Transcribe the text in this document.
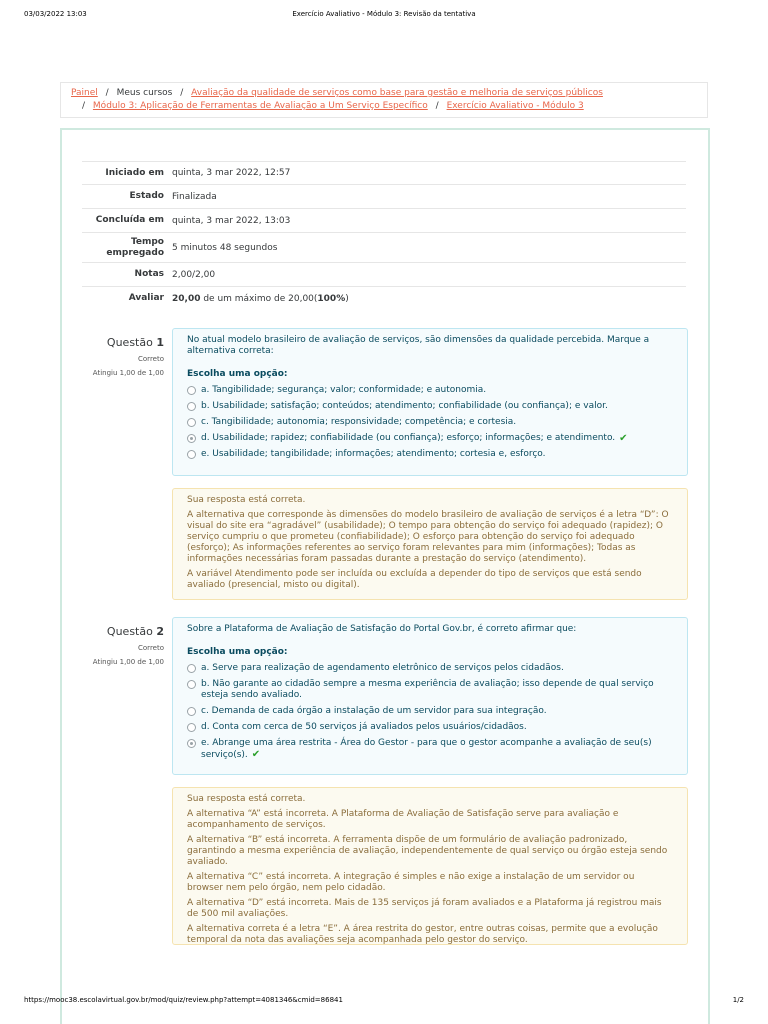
03/03/2022 13:03	Exercício Avaliativo - Módulo 3: Revisão da tentativa
Painel / Meus cursos / Avaliação da qualidade de serviços como base para gestão e melhoria de serviços públicos
/ Módulo 3: Aplicação de Ferramentas de Avaliação a Um Serviço Específico / Exercício Avaliativo - Módulo 3
Iniciado em quinta, 3 mar 2022, 12:57
Estado Finalizada
Concluída em quinta, 3 mar 2022, 13:03
Tempo empregado 5 minutos 48 segundos
Notas 2,00/2,00
Avaliar 20,00 de um máximo de 20,00(100%)
Questão 1
Correto
Atingiu 1,00 de 1,00
No atual modelo brasileiro de avaliação de serviços, são dimensões da qualidade percebida. Marque a alternativa correta:
Escolha uma opção:
a. Tangibilidade; segurança; valor; conformidade; e autonomia.
b. Usabilidade; satisfação; conteúdos; atendimento; confiabilidade (ou confiança); e valor.
c. Tangibilidade; autonomia; responsividade; competência; e cortesia.
d. Usabilidade; rapidez; confiabilidade (ou confiança); esforço; informações; e atendimento. ✔
e. Usabilidade; tangibilidade; informações; atendimento; cortesia e, esforço.

Sua resposta está correta.

A alternativa que corresponde às dimensões do modelo brasileiro de avaliação de serviços é a letra “D”: O visual do site era “agradável” (usabilidade); O tempo para obtenção do serviço foi adequado (rapidez); O serviço cumpriu o que prometeu (confiabilidade); O esforço para obtenção do serviço foi adequado (esforço); As informações referentes ao serviço foram relevantes para mim (informações); Todas as informações necessárias foram passadas durante a prestação do serviço (atendimento).

A variável Atendimento pode ser incluída ou excluída a depender do tipo de serviços que está sendo avaliado (presencial, misto ou digital).

Questão 2
Correto
Atingiu 1,00 de 1,00
Sobre a Plataforma de Avaliação de Satisfação do Portal Gov.br, é correto afirmar que:
Escolha uma opção:
a. Serve para realização de agendamento eletrônico de serviços pelos cidadãos.
b. Não garante ao cidadão sempre a mesma experiência de avaliação; isso depende de qual serviço esteja sendo avaliado.
c. Demanda de cada órgão a instalação de um servidor para sua integração.
d. Conta com cerca de 50 serviços já avaliados pelos usuários/cidadãos.
e. Abrange uma área restrita - Área do Gestor - para que o gestor acompanhe a avaliação de seu(s) serviço(s). ✔

Sua resposta está correta.

A alternativa “A” está incorreta. A Plataforma de Avaliação de Satisfação serve para avaliação e acompanhamento de serviços.

A alternativa “B” está incorreta. A ferramenta dispõe de um formulário de avaliação padronizado, garantindo a mesma experiência de avaliação, independentemente de qual serviço ou órgão esteja sendo avaliado.

A alternativa “C” está incorreta. A integração é simples e não exige a instalação de um servidor ou browser nem pelo órgão, nem pelo cidadão.

A alternativa “D” está incorreta. Mais de 135 serviços já foram avaliados e a Plataforma já registrou mais de 500 mil avaliações.

A alternativa correta é a letra “E”. A área restrita do gestor, entre outras coisas, permite que a evolução temporal da nota das avaliações seja acompanhada pelo gestor do serviço.

https://mooc38.escolavirtual.gov.br/mod/quiz/review.php?attempt=4081346&cmid=86841	1/2
